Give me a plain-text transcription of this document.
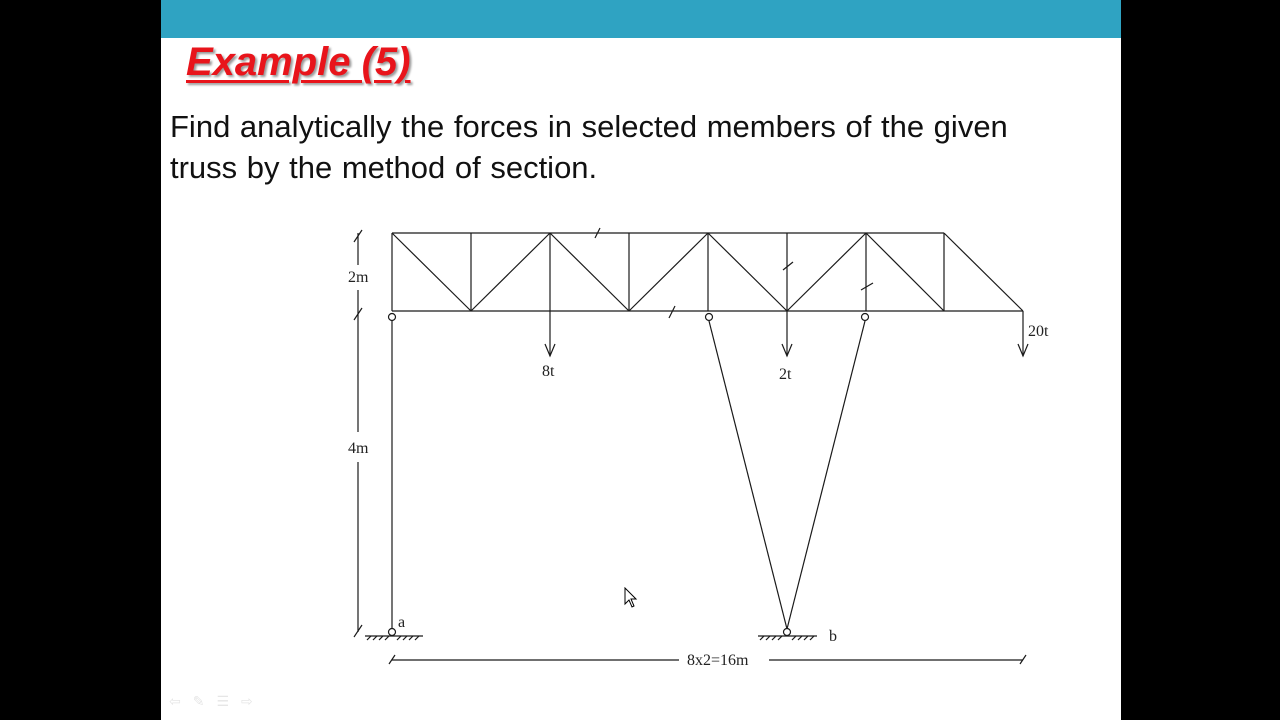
Example (5)

Find analytically the forces in selected members of the given
truss by the method of section.

2m
4m
8t	2t
20t
a
b
8x2=16m
⇦ ✎ ☰ ⇨
